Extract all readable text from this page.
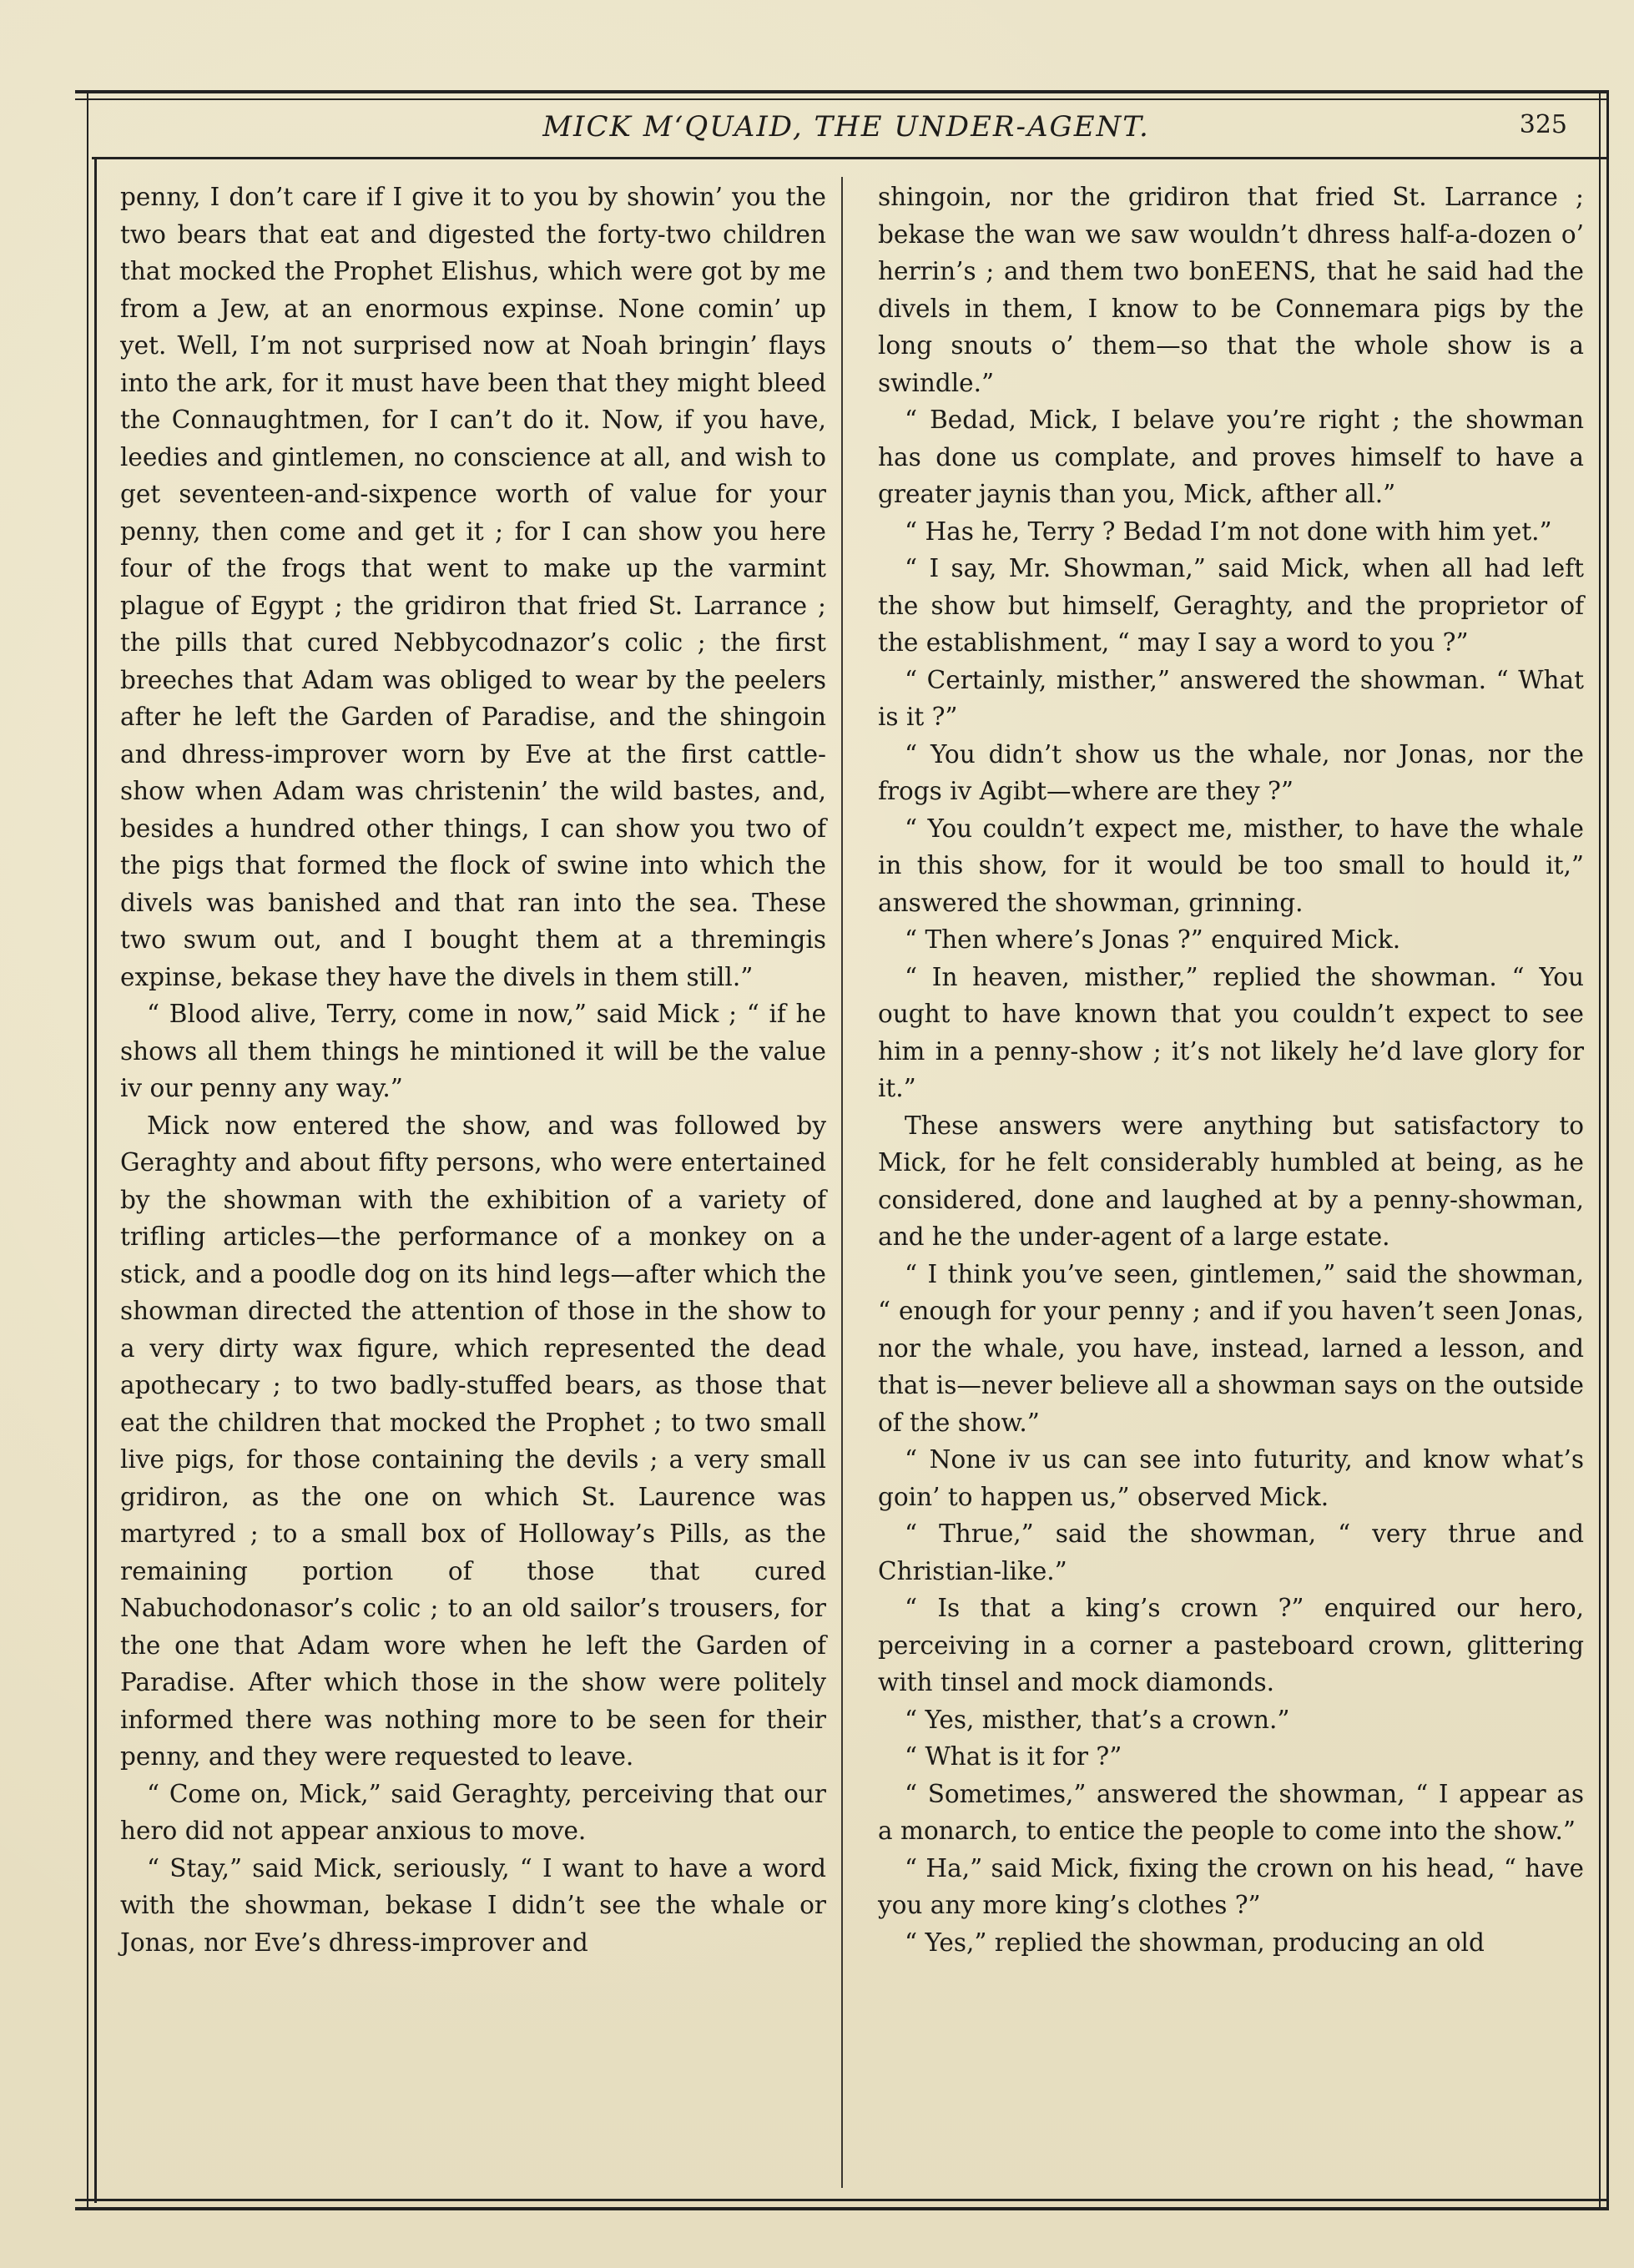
MICK M‘QUAID, THE UNDER-AGENT.	325

penny, I don’t care if I give it to you by showin’ you the two bears that eat and digested the forty-two children that mocked the Prophet Elishus, which were got by me from a Jew, at an enormous expinse. None comin’ up yet. Well, I’m not surprised now at Noah bringin’ flays into the ark, for it must have been that they might bleed the Connaughtmen, for I can’t do it. Now, if you have, leedies and gintlemen, no conscience at all, and wish to get seventeen-and-sixpence worth of value for your penny, then come and get it ; for I can show you here four of the frogs that went to make up the varmint plague of Egypt ; the gridiron that fried St. Larrance ; the pills that cured Nebbycodnazor’s colic ; the first breeches that Adam was obliged to wear by the peelers after he left the Garden of Paradise, and the shingoin and dhress-improver worn by Eve at the first cattle-show when Adam was christenin’ the wild bastes, and, besides a hundred other things, I can show you two of the pigs that formed the flock of swine into which the divels was banished and that ran into the sea. These two swum out, and I bought them at a thremingis expinse, bekase they have the divels in them still.”

“ Blood alive, Terry, come in now,” said Mick ; “ if he shows all them things he mintioned it will be the value iv our penny any way.”

Mick now entered the show, and was followed by Geraghty and about fifty persons, who were entertained by the showman with the exhibition of a variety of trifling articles—the performance of a monkey on a stick, and a poodle dog on its hind legs—after which the showman directed the attention of those in the show to a very dirty wax figure, which represented the dead apothecary ; to two badly-stuffed bears, as those that eat the children that mocked the Prophet ; to two small live pigs, for those containing the devils ; a very small gridiron, as the one on which St. Laurence was martyred ; to a small box of Holloway’s Pills, as the remaining portion of those that cured Nabuchodonasor’s colic ; to an old sailor’s trousers, for the one that Adam wore when he left the Garden of Paradise. After which those in the show were politely informed there was nothing more to be seen for their penny, and they were requested to leave.

“ Come on, Mick,” said Geraghty, perceiving that our hero did not appear anxious to move.

“ Stay,” said Mick, seriously, “ I want to have a word with the showman, bekase I didn’t see the whale or Jonas, nor Eve’s dhress-improver and

shingoin, nor the gridiron that fried St. Larrance ; bekase the wan we saw wouldn’t dhress half-a-dozen o’ herrin’s ; and them two bonEENS, that he said had the divels in them, I know to be Connemara pigs by the long snouts o’ them—so that the whole show is a swindle.”

“ Bedad, Mick, I belave you’re right ; the showman has done us complate, and proves himself to have a greater jaynis than you, Mick, afther all.”

“ Has he, Terry ? Bedad I’m not done with him yet.”

“ I say, Mr. Showman,” said Mick, when all had left the show but himself, Geraghty, and the proprietor of the establishment, “ may I say a word to you ?”

“ Certainly, misther,” answered the showman. “ What is it ?”

“ You didn’t show us the whale, nor Jonas, nor the frogs iv Agibt—where are they ?”

“ You couldn’t expect me, misther, to have the whale in this show, for it would be too small to hould it,” answered the showman, grinning.

“ Then where’s Jonas ?” enquired Mick.

“ In heaven, misther,” replied the showman. “ You ought to have known that you couldn’t expect to see him in a penny-show ; it’s not likely he’d lave glory for it.”

These answers were anything but satisfactory to Mick, for he felt considerably humbled at being, as he considered, done and laughed at by a penny-showman, and he the under-agent of a large estate.

“ I think you’ve seen, gintlemen,” said the showman, “ enough for your penny ; and if you haven’t seen Jonas, nor the whale, you have, instead, larned a lesson, and that is—never believe all a showman says on the outside of the show.”

“ None iv us can see into futurity, and know what’s goin’ to happen us,” observed Mick.

“ Thrue,” said the showman, “ very thrue and Christian-like.”

“ Is that a king’s crown ?” enquired our hero, perceiving in a corner a pasteboard crown, glittering with tinsel and mock diamonds.

“ Yes, misther, that’s a crown.”

“ What is it for ?”

“ Sometimes,” answered the showman, “ I appear as a monarch, to entice the people to come into the show.”

“ Ha,” said Mick, fixing the crown on his head, “ have you any more king’s clothes ?”

“ Yes,” replied the showman, producing an old
